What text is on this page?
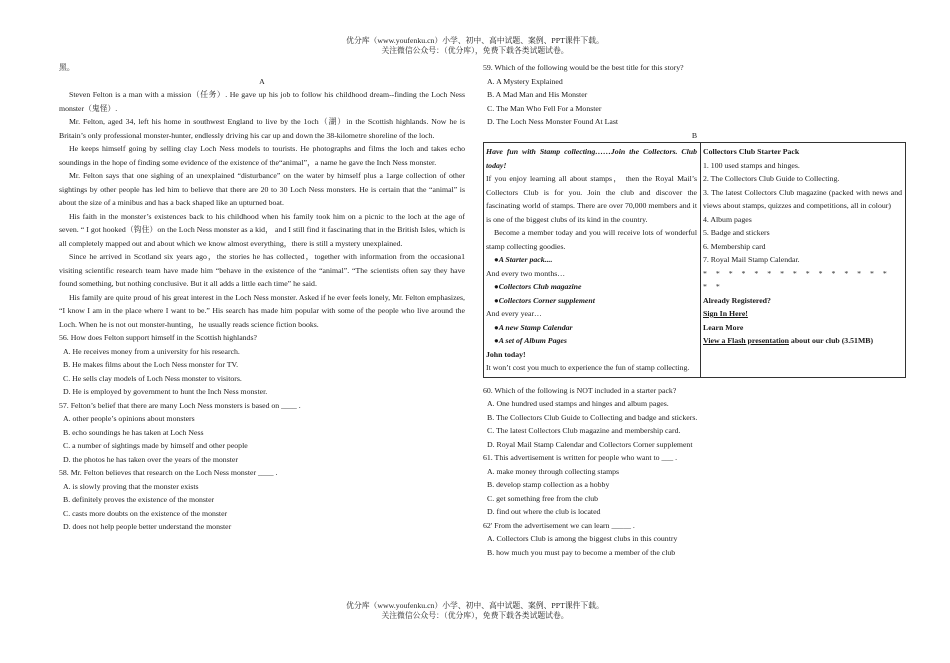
优分库（www.youfenku.cn）小学、初中、高中试题、案例、PPT课件下载。
关注微信公众号：（优分库），免费下载各类试题试卷。

黑。

A

Steven Felton is a man with a mission（任务）. He gave up his job to follow his childhood dream--finding the Loch Ness monster（鬼怪）.

Mr. Felton, aged 34, left his home in southwest England to live by the 1och（湖）in the Scottish highlands. Now he is Britain’s only professional monster-hunter, endlessly driving his car up and down the 38-kilometre shoreline of the loch.

He keeps himself going by selling clay Loch Ness models to tourists. He photographs and films the loch and takes echo soundings in the hope of finding some evidence of the existence of the“animal”，a name he gave the Inch Ness monster.

Mr. Felton says that one sighing of an unexplained “disturbance” on the water by himself plus a 1arge collection of other sightings by other people has led him to believe that there are 20 to 30 Loch Ness monsters. He is certain that the “animal” is about the size of a minibus and has a back shaped like an upturned boat.

His faith in the monster’s existences back to his childhood when his family took him on a picnic to the loch at the age of seven. “ I got hooked（钩住）on the Loch Ness monster as a kid， and I still find it fascinating that in the British Isles, which is all completely mapped out and about which we know almost everything，there is still a mystery unexplained.

Since he arrived in Scotland six years ago，the stories he has collected，together with information from the occasiona1 visiting scientific research team have made him “behave in the existence of the “animal”. “The scientists often say they have found something, but nothing conclusive. But it all adds a little each time” he said.

His family are quite proud of his great interest in the Loch Ness monster. Asked if he ever feels lonely, Mr. Felton emphasizes, “I know I am in the place where I want to be.” His search has made him popular with some of the people who live around the Loch. When he is not out monster-hunting，he usually reads science fiction books.

56. How does Felton support himself in the Scottish highlands?

A. He receives money from a university for his research.

B. He makes films about the Loch Ness monster for TV.

C. He sells clay models of Loch Ness monster to visitors.

D. He is employed by government to hunt the Inch Ness monster.

57. Felton’s belief that there are many Loch Ness monsters is based on ____ .

A. other people’s opinions about monsters

B. echo soundings he has taken at Loch Ness

C. a number of sightings made by himself and other people

D. the photos he has taken over the years of the monster

58. Mr. Felton believes that research on the Loch Ness monster ____ .

A. is slowly proving that the monster exists

B. definitely proves the existence of the monster

C. casts more doubts on the existence of the monster

D. does not help people better understand the monster

59. Which of the following would be the best title for this story?

A. A Mystery Explained

B. A Mad Man and His Monster

C. The Man Who Fell For a Monster

D. The Loch Ness Monster Found At Last

B

Have fun with Stamp collecting……Join the Collectors. Club today!

If you enjoy learning all about stamps， then the Royal Mail’s Collectors Club is for you. Join the club and discover the fascinating world of stamps. There are over 70,000 members and it is one of the biggest clubs of its kind in the country.

Become a member today and you will receive lots of wonderful stamp collecting goodies.

●A Starter pack....

And every two months…

●Collectors Club magazine

●Collectors Corner supplement

And every year…

●A new Stamp Calendar

●A set of Album Pages

John today!

It won’t cost you much to experience the fun of stamp collecting.

Collectors Club Starter Pack

1. 100 used stamps and hinges.

2. The Collectors Club Guide to Collecting.

3. The latest Collectors Club magazine (packed with news and views about stamps, quizzes and competitions, all in colour)

4. Album pages

5. Badge and stickers

6. Membership card

7. Royal Mail Stamp Calendar.

* * * * * * * * * * * * * * * * *

Already Registered?

Sign In Here!

Learn More

View a Flash presentation about our club (3.51MB)

60. Which of the following is NOT included in a starter pack?

A. One hundred used stamps and hinges and album pages.

B. The Collectors Club Guide to Collecting and badge and stickers.

C. The latest Collectors Club magazine and membership card.

D. Royal Mail Stamp Calendar and Collectors Corner supplement

61. This advertisement is written for people who want to ___ .

A. make money through collecting stamps

B. develop stamp collection as a hobby

C. get something free from the club

D. find out where the club is located

62' From the advertisement we can learn _____ .

A. Collectors Club is among the biggest clubs in this country

B. how much you must pay to become a member of the club

优分库（www.youfenku.cn）小学、初中、高中试题、案例、PPT课件下载。
关注微信公众号：（优分库），免费下载各类试题试卷。
